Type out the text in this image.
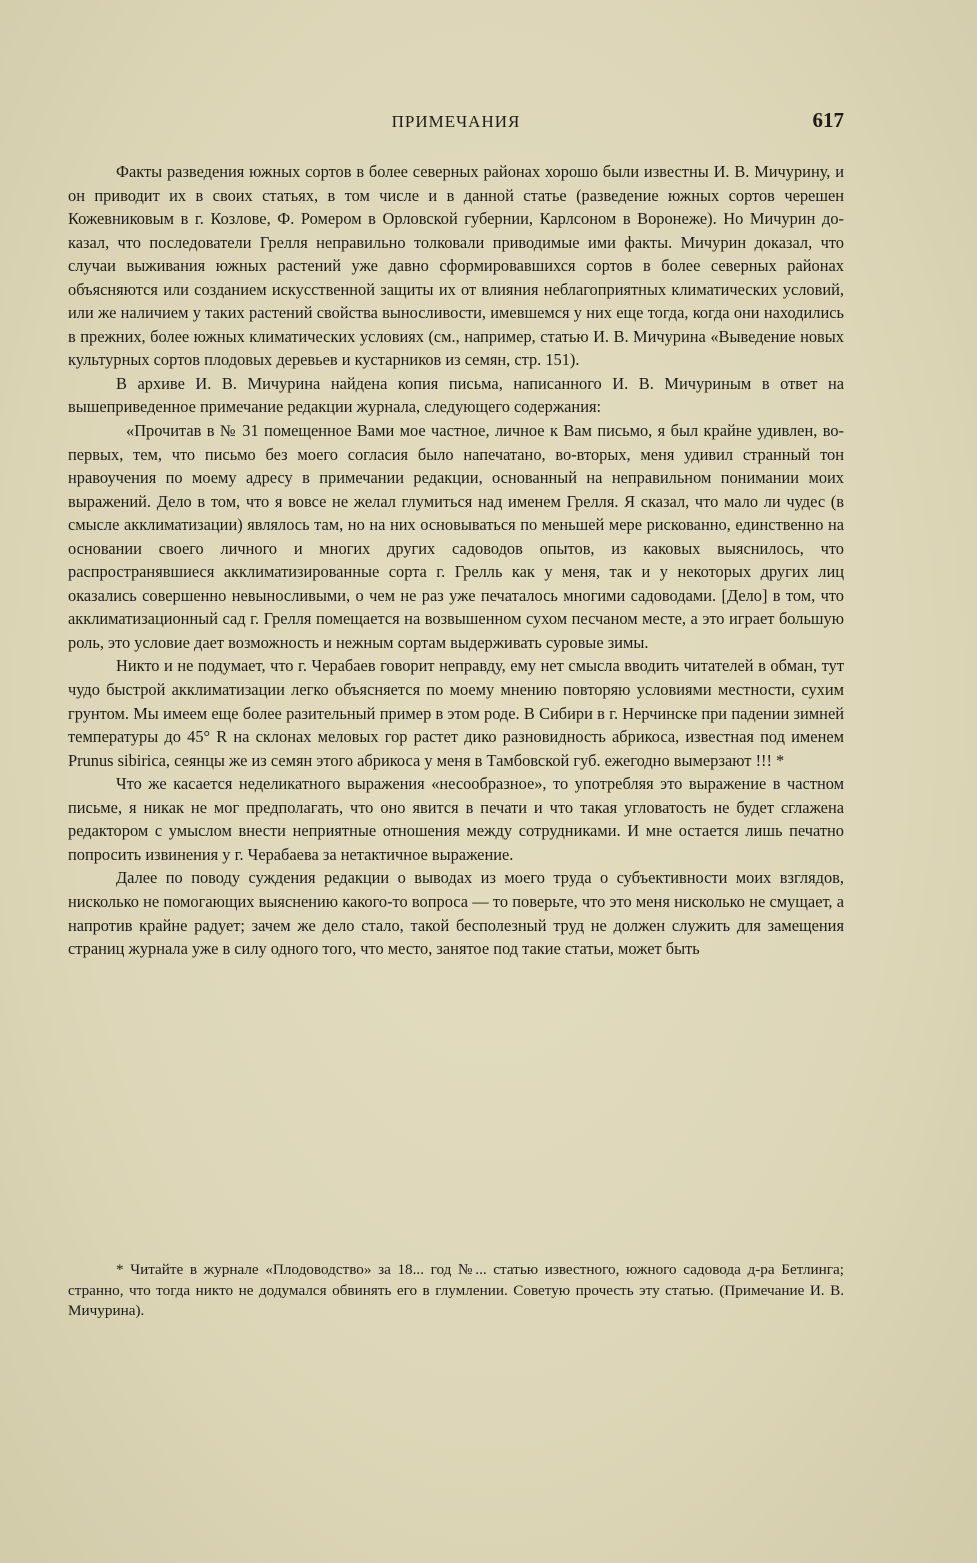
ПРИМЕЧАНИЯ	617

Факты разведения южных сортов в более северных районах хорошо были известны И. В. Мичурину, и он приводит их в своих статьях, в том числе и в данной статье (разведение южных сортов черешен Кожевниковым в г. Козлове, Ф. Ромером в Орловской губернии, Карлсоном в Воронеже). Но Мичурин доказал, что последователи Грелля неправильно толковали приводимые ими факты. Мичурин доказал, что случаи выживания южных растений уже давно сформировавшихся сортов в более северных районах объясняются или созданием искусственной защиты их от влияния неблагоприятных климатических условий, или же наличием у таких растений свойства выносливости, имевшемся у них еще тогда, когда они находились в прежних, более южных климатических условиях (см., например, статью И. В. Мичурина «Выведение новых культурных сортов плодовых деревьев и кустарников из семян, стр. 151).

В архиве И. В. Мичурина найдена копия письма, написанного И. В. Мичуриным в ответ на вышеприведенное примечание редакции журнала, следующего содержания:

«Прочитав в № 31 помещенное Вами мое частное, личное к Вам письмо, я был крайне удивлен, во-первых, тем, что письмо без моего согласия было напечатано, во-вторых, меня удивил странный тон нравоучения по моему адресу в примечании редакции, основанный на неправильном понимании моих выражений. Дело в том, что я вовсе не желал глумиться над именем Грелля. Я сказал, что мало ли чудес (в смысле акклиматизации) являлось там, но на них основываться по меньшей мере рискованно, единственно на основании своего личного и многих других садоводов опытов, из каковых выяснилось, что распространявшиеся акклиматизированные сорта г. Грелль как у меня, так и у некоторых других лиц оказались совершенно невыносливыми, о чем не раз уже печаталось многими садоводами. [Дело] в том, что акклиматизационный сад г. Грелля помещается на возвышенном сухом песчаном месте, а это играет большую роль, это условие дает возможность и нежным сортам выдерживать суровые зимы.

Никто и не подумает, что г. Черабаев говорит неправду, ему нет смысла вводить читателей в обман, тут чудо быстрой акклиматизации легко объясняется по моему мнению повторяю условиями местности, сухим грунтом. Мы имеем еще более разительный пример в этом роде. В Сибири в г. Нерчинске при падении зимней температуры до 45° R на склонах меловых гор растет дико разновидность абрикоса, известная под именем Prunus sibirica, сеянцы же из семян этого абрикоса у меня в Тамбовской губ. ежегодно вымерзают !!! *

Что же касается неделикатного выражения «несообразное», то употребляя это выражение в частном письме, я никак не мог предполагать, что оно явится в печати и что такая угловатость не будет сглажена редактором с умыслом внести неприятные отношения между сотрудниками. И мне остается лишь печатно попросить извинения у г. Черабаева за нетактичное выражение.

Далее по поводу суждения редакции о выводах из моего труда о субъективности моих взглядов, нисколько не помогающих выяснению какого-то вопроса — то поверьте, что это меня нисколько не смущает, а напротив крайне радует; зачем же дело стало, такой бесполезный труд не должен служить для замещения страниц журнала уже в силу одного того, что место, занятое под такие статьи, может быть

* Читайте в журнале «Плодоводство» за 18... год №... статью известного, южного садовода д-ра Бетлинга; странно, что тогда никто не додумался обвинять его в глумлении. Советую прочесть эту статью. (Примечание И. В. Мичурина).
